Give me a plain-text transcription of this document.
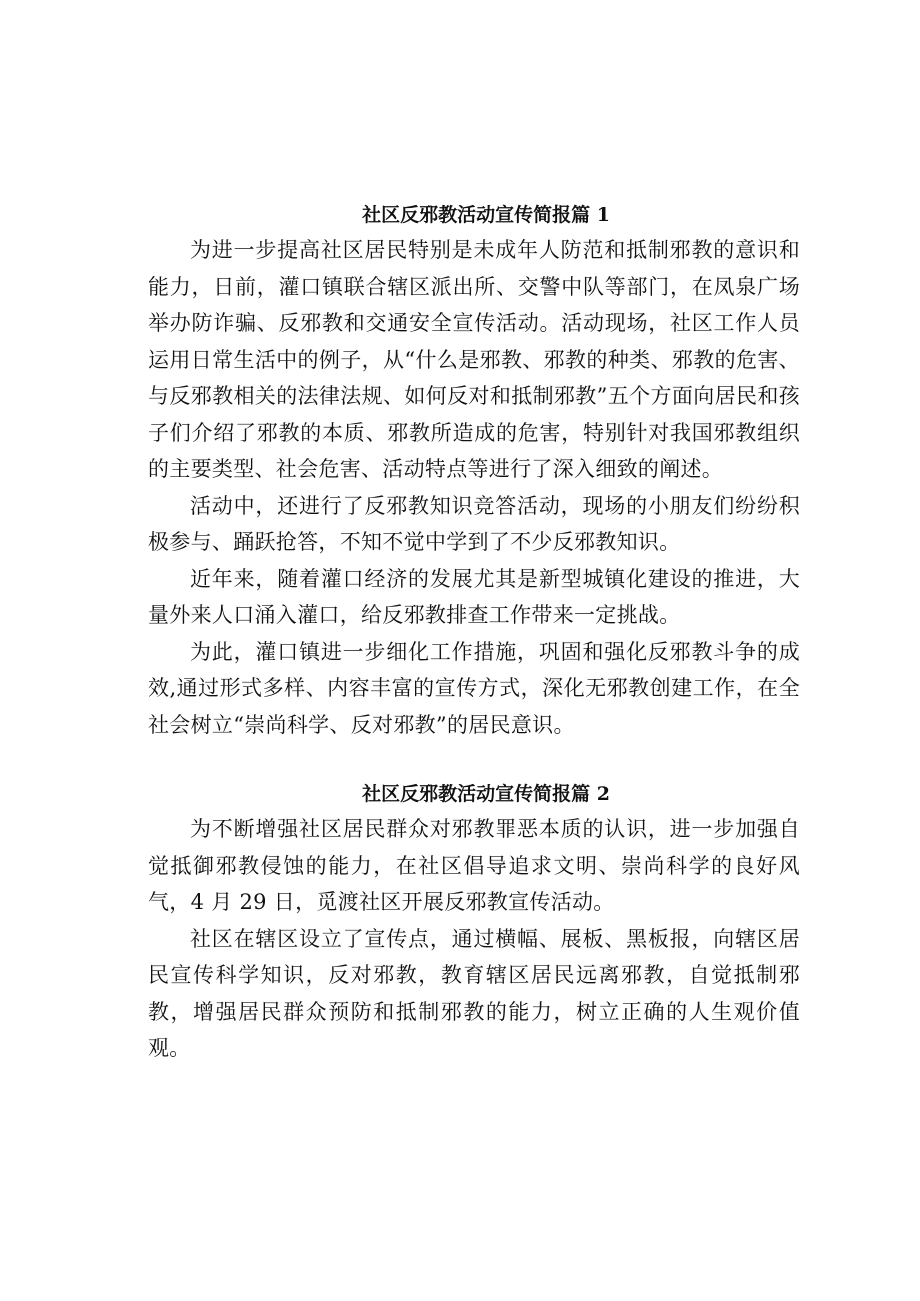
社区反邪教活动宣传简报篇 1

为进一步提高社区居民特别是未成年人防范和抵制邪教的意识和能力，日前，灌口镇联合辖区派出所、交警中队等部门，在凤泉广场举办防诈骗、反邪教和交通安全宣传活动。活动现场，社区工作人员运用日常生活中的例子，从“什么是邪教、邪教的种类、邪教的危害、与反邪教相关的法律法规、如何反对和抵制邪教”五个方面向居民和孩子们介绍了邪教的本质、邪教所造成的危害，特别针对我国邪教组织的主要类型、社会危害、活动特点等进行了深入细致的阐述。

活动中，还进行了反邪教知识竞答活动，现场的小朋友们纷纷积极参与、踊跃抢答，不知不觉中学到了不少反邪教知识。

近年来，随着灌口经济的发展尤其是新型城镇化建设的推进，大量外来人口涌入灌口，给反邪教排查工作带来一定挑战。

为此，灌口镇进一步细化工作措施，巩固和强化反邪教斗争的成效,通过形式多样、内容丰富的宣传方式，深化无邪教创建工作，在全社会树立“崇尚科学、反对邪教”的居民意识。

社区反邪教活动宣传简报篇 2

为不断增强社区居民群众对邪教罪恶本质的认识，进一步加强自觉抵御邪教侵蚀的能力，在社区倡导追求文明、崇尚科学的良好风气，4 月 29 日，觅渡社区开展反邪教宣传活动。

社区在辖区设立了宣传点，通过横幅、展板、黑板报，向辖区居民宣传科学知识，反对邪教，教育辖区居民远离邪教，自觉抵制邪教，增强居民群众预防和抵制邪教的能力，树立正确的人生观价值观。
